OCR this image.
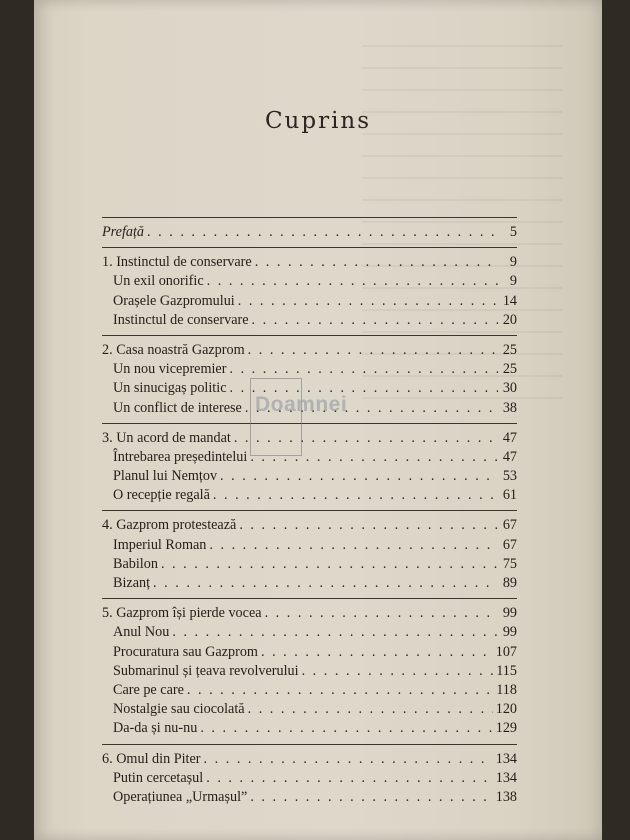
Cuprins
Prefață . . .	5
1. Instinctul de conservare . . .	9
Un exil onorific . . .	9
Orașele Gazpromului . . .	14
Instinctul de conservare . . .	20
2. Casa noastră Gazprom . . .	25
Un nou vicepremier . . .	25
Un sinucigaș politic . . .	30
Un conflict de interese . . .	38
3. Un acord de mandat . . .	47
Întrebarea președintelui . . .	47
Planul lui Nemțov . . .	53
O recepție regală . . .	61
4. Gazprom protestează . . .	67
Imperiul Roman . . .	67
Babilon . . .	75
Bizanț . . .	89
5. Gazprom își pierde vocea . . .	99
Anul Nou . . .	99
Procuratura sau Gazprom . . .	107
Submarinul și țeava revolverului . . .	115
Care pe care . . .	118
Nostalgie sau ciocolată . . .	120
Da-da și nu-nu . . .	129
6. Omul din Piter . . .	134
Putin cercetașul . . .	134
Operațiunea „Urmașul” . . .	138
Doamnei
